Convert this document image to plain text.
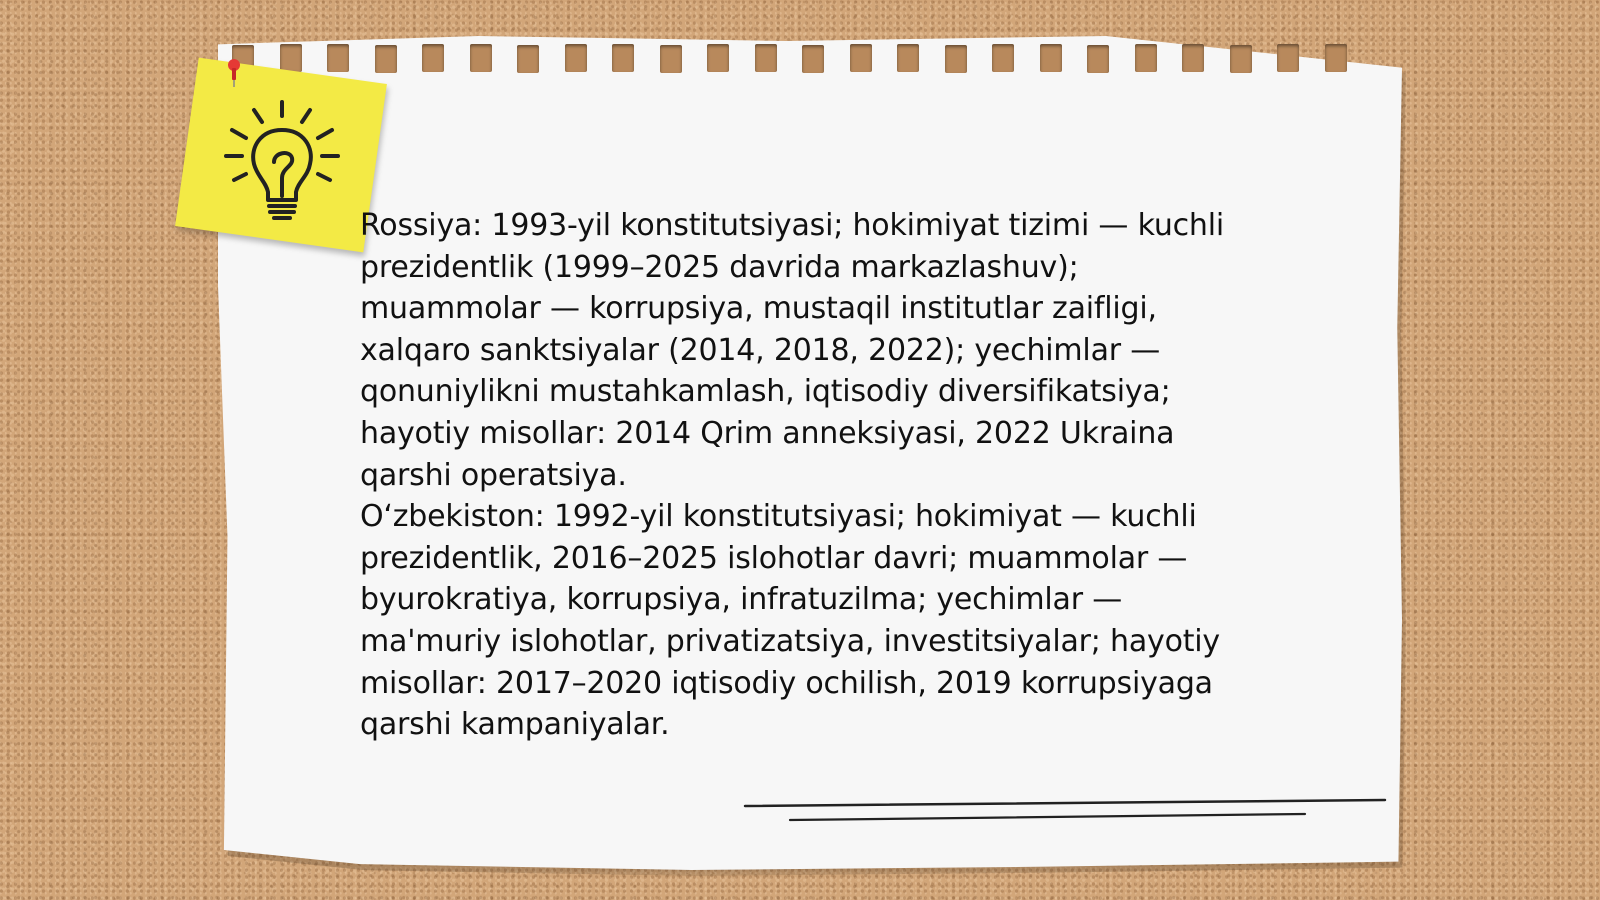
Rossiya: 1993-yil konstitutsiyasi; hokimiyat tizimi — kuchli prezidentlik (1999–2025 davrida markazlashuv); muammolar — korrupsiya, mustaqil institutlar zaifligi, xalqaro sanktsiyalar (2014, 2018, 2022); yechimlar — qonuniylikni mustahkamlash, iqtisodiy diversifikatsiya; hayotiy misollar: 2014 Qrim anneksiyasi, 2022 Ukraina qarshi operatsiya.

O‘zbekiston: 1992-yil konstitutsiyasi; hokimiyat — kuchli prezidentlik, 2016–2025 islohotlar davri; muammolar — byurokratiya, korrupsiya, infratuzilma; yechimlar — ma'muriy islohotlar, privatizatsiya, investitsiyalar; hayotiy misollar: 2017–2020 iqtisodiy ochilish, 2019 korrupsiyaga qarshi kampaniyalar.
